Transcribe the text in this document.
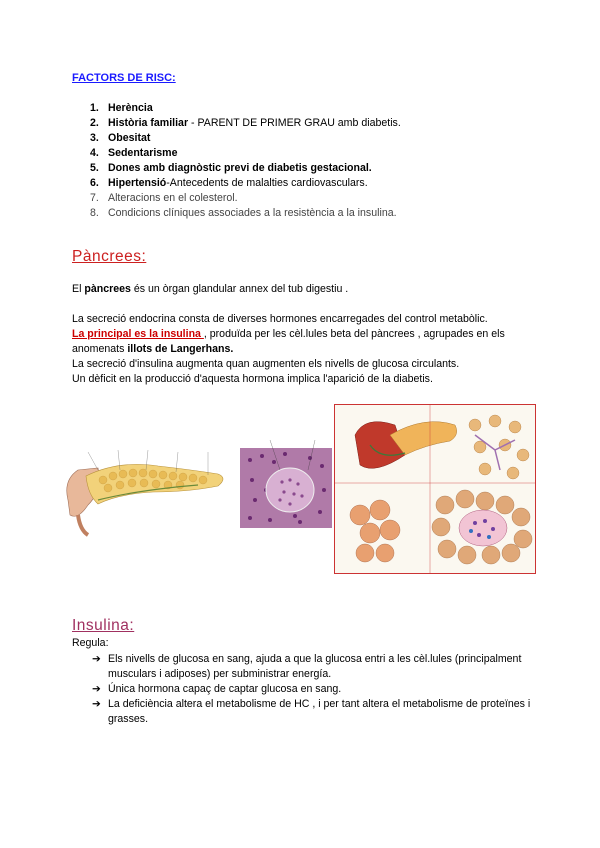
FACTORS DE RISC:
1. Herència
2. Història familiar - PARENT DE PRIMER GRAU amb diabetis.
3. Obesitat
4. Sedentarisme
5. Dones amb diagnòstic previ de diabetis gestacional.
6. Hipertensió-Antecedents de malalties cardiovasculars.
7. Alteracions en el colesterol.
8. Condicions clíniques associades a la resistència a la insulina.
Pàncrees:
El pàncrees és un òrgan glandular annex del tub digestiu .
La secreció endocrina consta de diverses hormones encarregades del control metabòlic.
La principal es la insulina , produïda per les cèl.lules beta del pàncrees , agrupades en els anomenats illots de Langerhans.
La secreció d'insulina augmenta quan augmenten els nivells de glucosa circulants.
Un dèficit en la producció d'aquesta hormona implica l'aparició de la diabetis.
Insulina:
Regula:
➔ Els nivells de glucosa en sang, ajuda a que la glucosa entri a les cèl.lules (principalment musculars i adiposes) per subministrar energía.
➔ Única hormona capaç de captar glucosa en sang.
➔ La deficiència altera el metabolisme de HC , i per tant altera el metabolisme de proteïnes i grasses.
